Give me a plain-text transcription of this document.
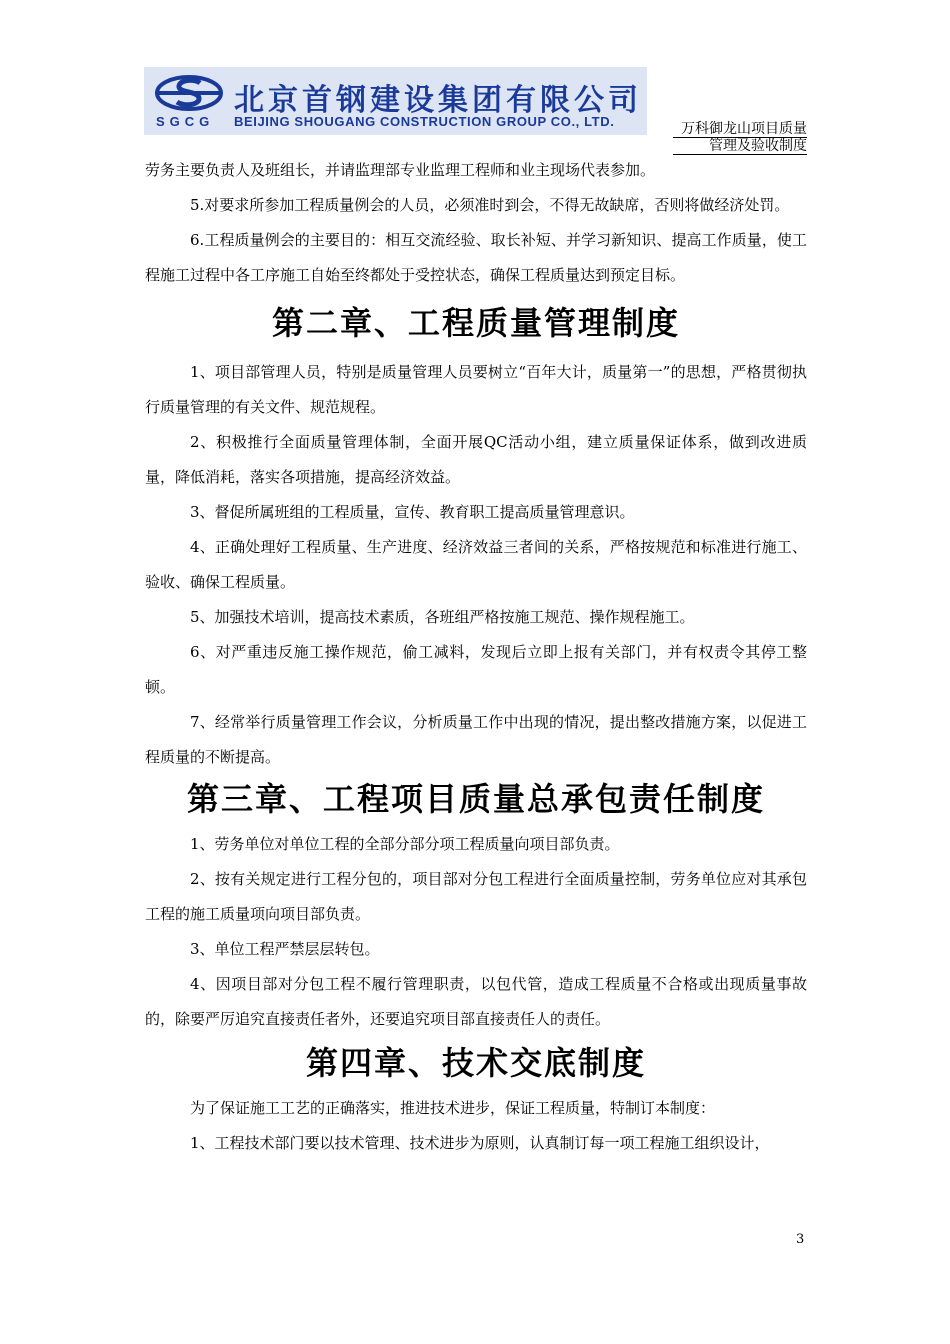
北京首钢建设集团有限公司
SGCG BEIJING SHOUGANG CONSTRUCTION GROUP CO., LTD.	万科御龙山项目质量
管理及验收制度

劳务主要负责人及班组长，并请监理部专业监理工程师和业主现场代表参加。

5.对要求所参加工程质量例会的人员，必须准时到会，不得无故缺席，否则将做经济处罚。

6.工程质量例会的主要目的：相互交流经验、取长补短、并学习新知识、提高工作质量，使工程施工过程中各工序施工自始至终都处于受控状态，确保工程质量达到预定目标。

第二章、工程质量管理制度

1、项目部管理人员，特别是质量管理人员要树立“百年大计，质量第一”的思想，严格贯彻执行质量管理的有关文件、规范规程。

2、积极推行全面质量管理体制，全面开展QC活动小组，建立质量保证体系，做到改进质量，降低消耗，落实各项措施，提高经济效益。

3、督促所属班组的工程质量，宣传、教育职工提高质量管理意识。

4、正确处理好工程质量、生产进度、经济效益三者间的关系，严格按规范和标准进行施工、验收、确保工程质量。

5、加强技术培训，提高技术素质，各班组严格按施工规范、操作规程施工。

6、对严重违反施工操作规范，偷工减料，发现后立即上报有关部门，并有权责令其停工整顿。

7、经常举行质量管理工作会议，分析质量工作中出现的情况，提出整改措施方案，以促进工程质量的不断提高。

第三章、工程项目质量总承包责任制度

1、劳务单位对单位工程的全部分部分项工程质量向项目部负责。

2、按有关规定进行工程分包的，项目部对分包工程进行全面质量控制，劳务单位应对其承包工程的施工质量项向项目部负责。

3、单位工程严禁层层转包。

4、因项目部对分包工程不履行管理职责，以包代管，造成工程质量不合格或出现质量事故的，除要严厉追究直接责任者外，还要追究项目部直接责任人的责任。

第四章、技术交底制度

为了保证施工工艺的正确落实，推进技术进步，保证工程质量，特制订本制度：

1、工程技术部门要以技术管理、技术进步为原则，认真制订每一项工程施工组织设计，

3
